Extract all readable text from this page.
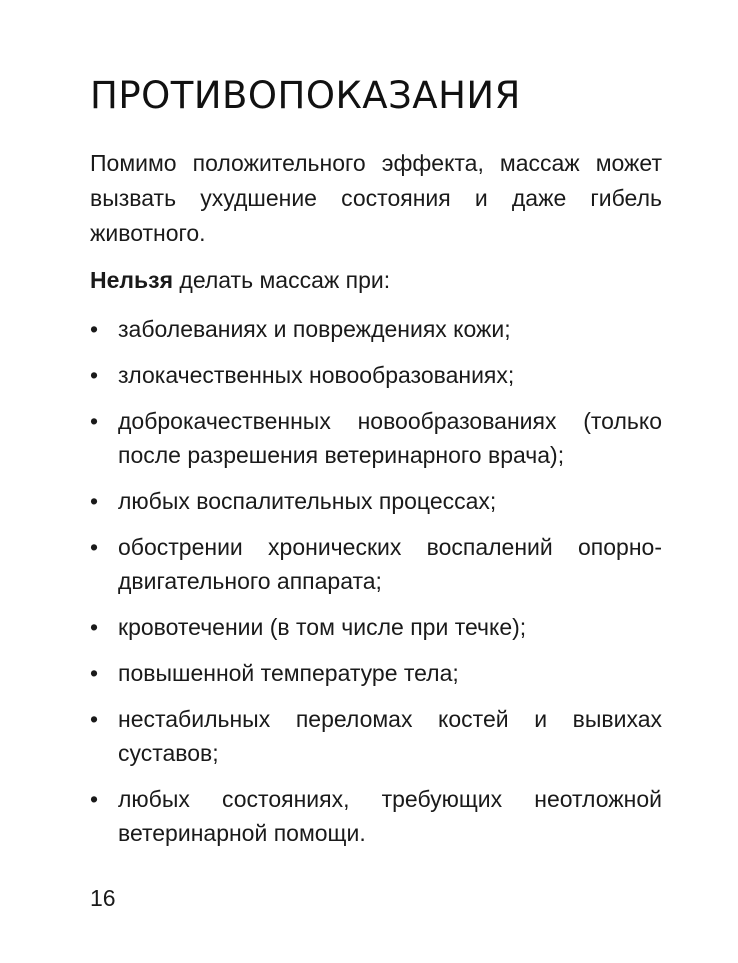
ПРОТИВОПОКАЗАНИЯ

Помимо положительного эффекта, массаж может вызвать ухудшение состояния и даже гибель животного.

Нельзя делать массаж при:

• заболеваниях и повреждениях кожи;
• злокачественных новообразованиях;
• доброкачественных новообразованиях (только после разрешения ветеринарного врача);
• любых воспалительных процессах;
• обострении хронических воспалений опорно-двигательного аппарата;
• кровотечении (в том числе при течке);
• повышенной температуре тела;
• нестабильных переломах костей и вывихах суставов;
• любых состояниях, требующих неотложной ветеринарной помощи.
16
